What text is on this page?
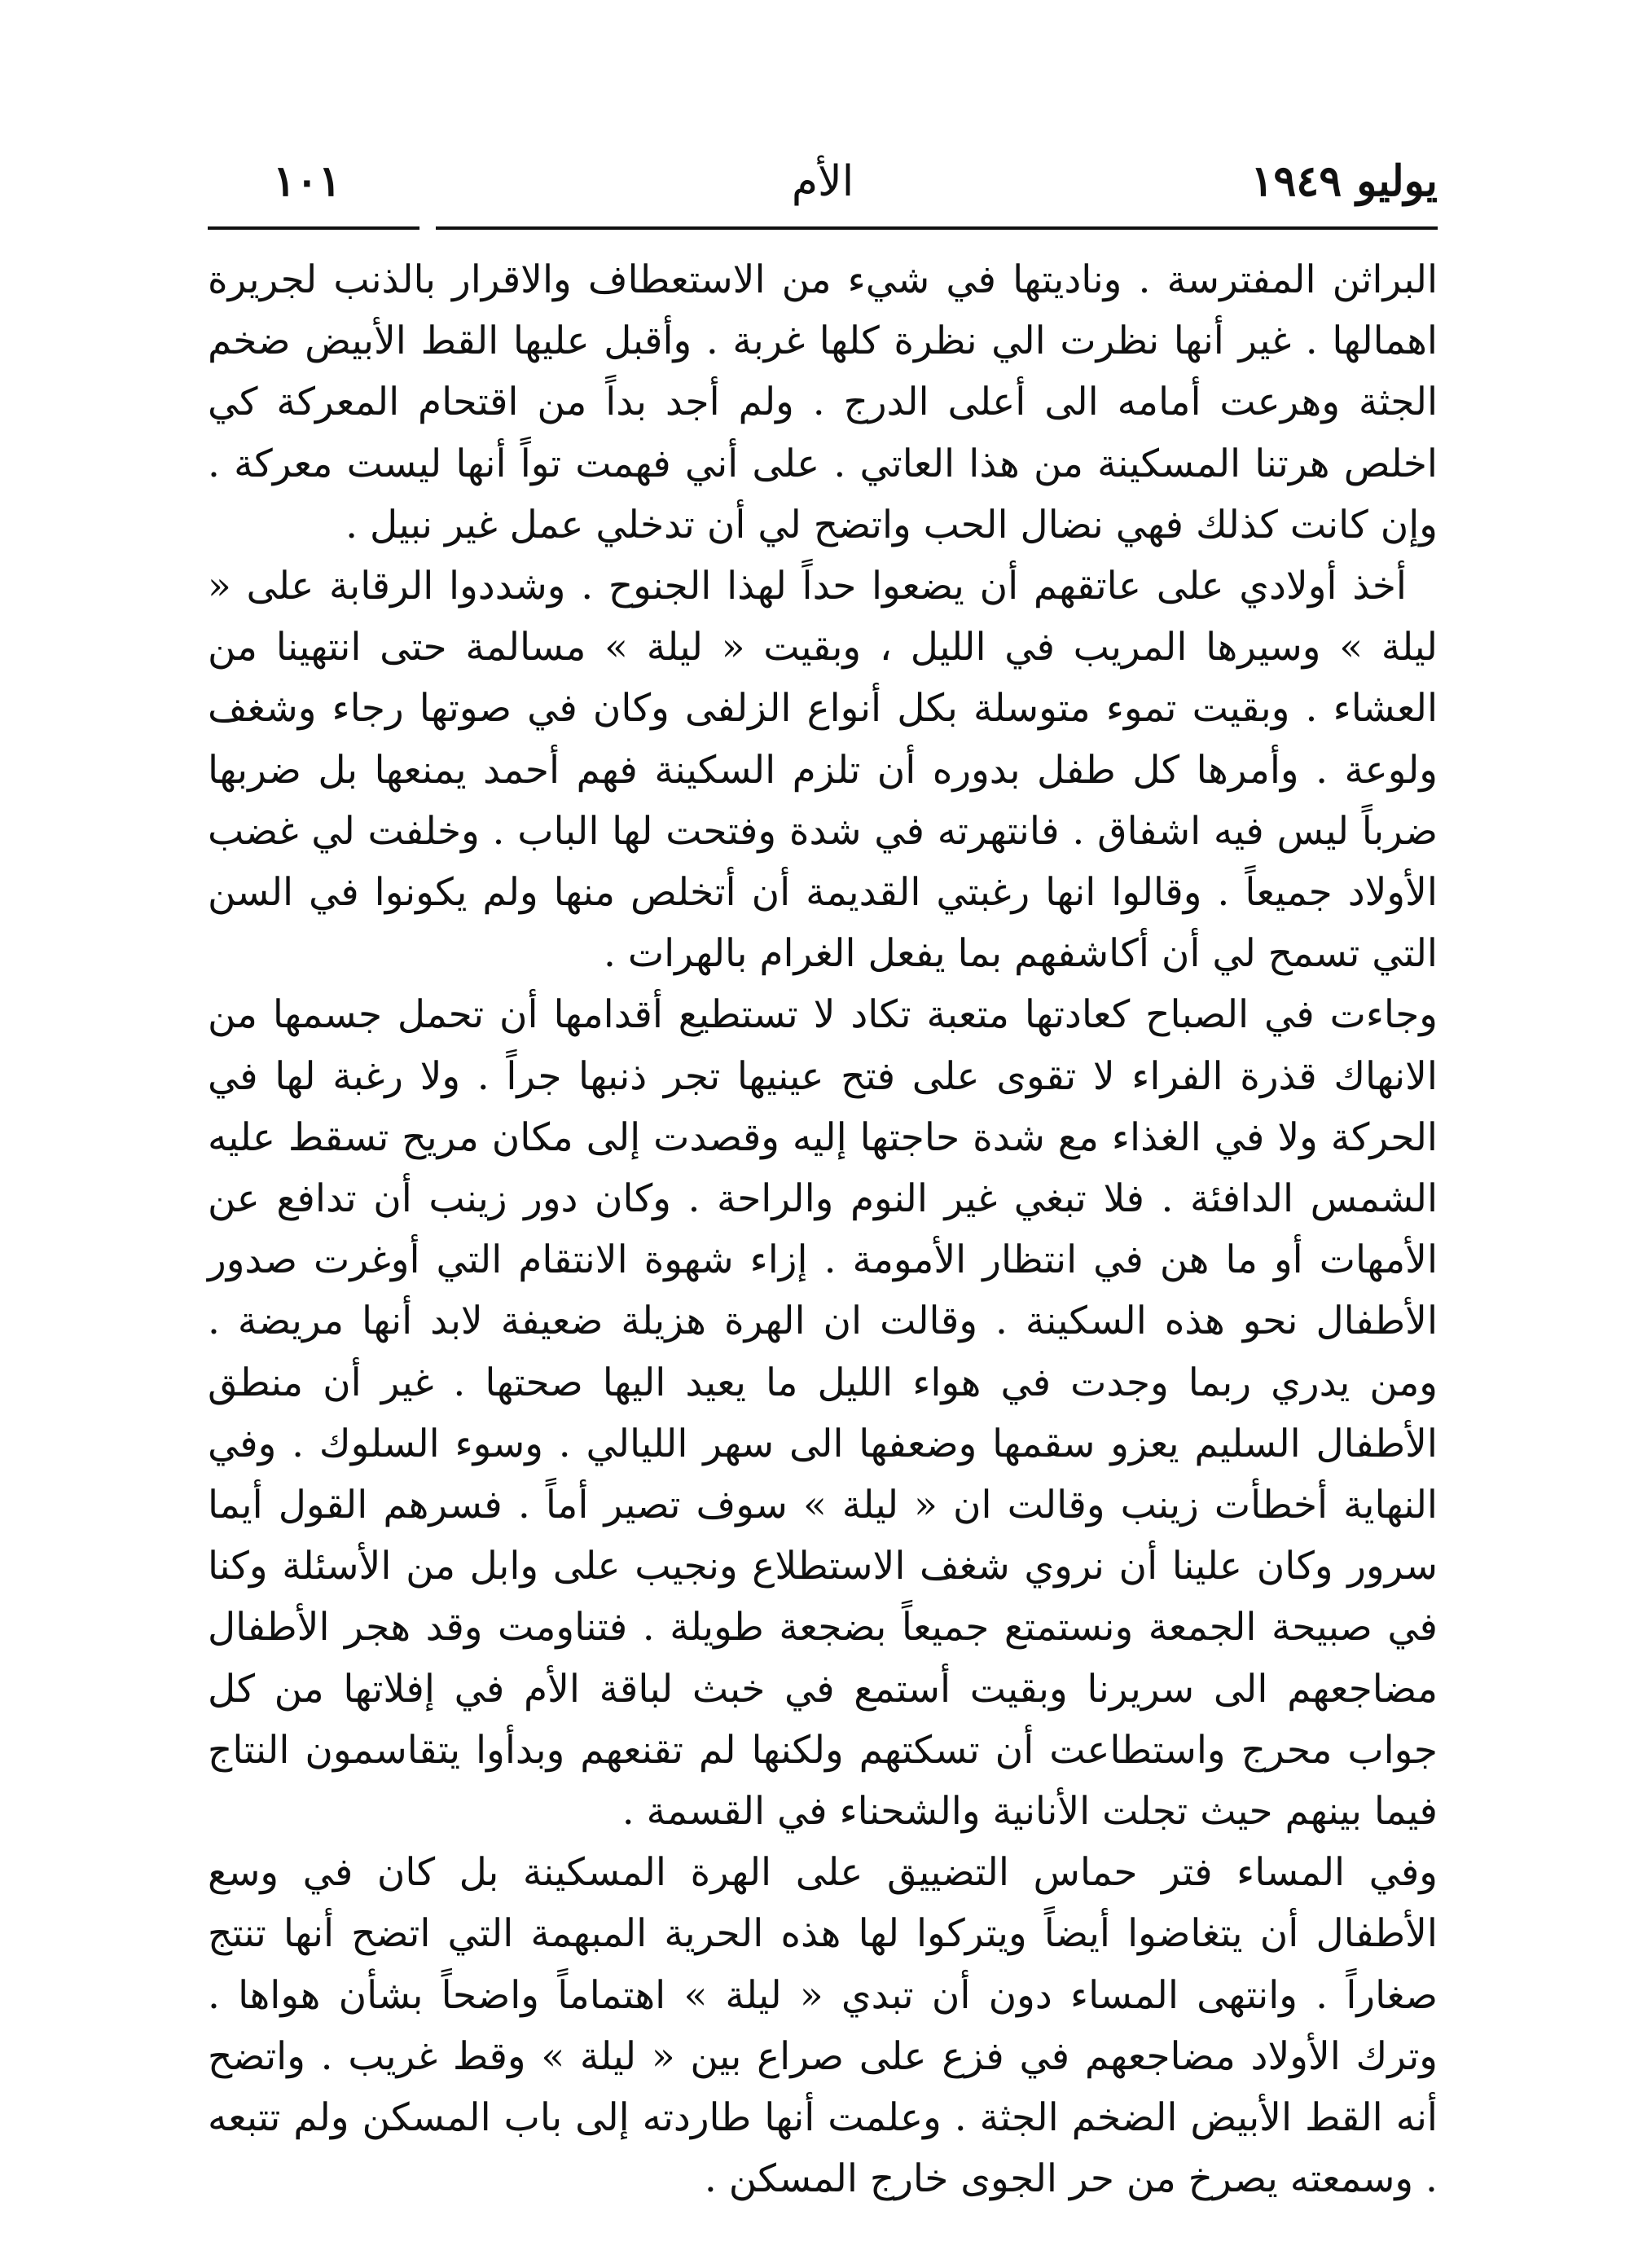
يوليو ١٩٤٩
الأم
١٠١

البراثن المفترسة . وناديتها في شيء من الاستعطاف والاقرار بالذنب لجريرة اهمالها . غير أنها نظرت الي نظرة كلها غربة . وأقبل عليها القط الأبيض ضخم الجثة وهرعت أمامه الى أعلى الدرج . ولم أجد بداً من اقتحام المعركة كي اخلص هرتنا المسكينة من هذا العاتي . على أني فهمت تواً أنها ليست معركة . وإن كانت كذلك فهي نضال الحب واتضح لي أن تدخلي عمل غير نبيل .

أخذ أولادي على عاتقهم أن يضعوا حداً لهذا الجنوح . وشددوا الرقابة على « ليلة » وسيرها المريب في الليل ، وبقيت « ليلة » مسالمة حتى انتهينا من العشاء . وبقيت تموء متوسلة بكل أنواع الزلفى وكان في صوتها رجاء وشغف ولوعة . وأمرها كل طفل بدوره أن تلزم السكينة فهم أحمد يمنعها بل ضربها ضرباً ليس فيه اشفاق . فانتهرته في شدة وفتحت لها الباب . وخلفت لي غضب الأولاد جميعاً . وقالوا انها رغبتي القديمة أن أتخلص منها ولم يكونوا في السن التي تسمح لي أن أكاشفهم بما يفعل الغرام بالهرات .

وجاءت في الصباح كعادتها متعبة تكاد لا تستطيع أقدامها أن تحمل جسمها من الانهاك قذرة الفراء لا تقوى على فتح عينيها تجر ذنبها جراً . ولا رغبة لها في الحركة ولا في الغذاء مع شدة حاجتها إليه وقصدت إلى مكان مريح تسقط عليه الشمس الدافئة . فلا تبغي غير النوم والراحة . وكان دور زينب أن تدافع عن الأمهات أو ما هن في انتظار الأمومة . إزاء شهوة الانتقام التي أوغرت صدور الأطفال نحو هذه السكينة . وقالت ان الهرة هزيلة ضعيفة لابد أنها مريضة . ومن يدري ربما وجدت في هواء الليل ما يعيد اليها صحتها . غير أن منطق الأطفال السليم يعزو سقمها وضعفها الى سهر الليالي . وسوء السلوك . وفي النهاية أخطأت زينب وقالت ان « ليلة » سوف تصير أماً . فسرهم القول أيما سرور وكان علينا أن نروي شغف الاستطلاع ونجيب على وابل من الأسئلة وكنا في صبيحة الجمعة ونستمتع جميعاً بضجعة طويلة . فتناومت وقد هجر الأطفال مضاجعهم الى سريرنا وبقيت أستمع في خبث لباقة الأم في إفلاتها من كل جواب محرج واستطاعت أن تسكتهم ولكنها لم تقنعهم وبدأوا يتقاسمون النتاج فيما بينهم حيث تجلت الأنانية والشحناء في القسمة .

وفي المساء فتر حماس التضييق على الهرة المسكينة بل كان في وسع الأطفال أن يتغاضوا أيضاً ويتركوا لها هذه الحرية المبهمة التي اتضح أنها تنتج صغاراً . وانتهى المساء دون أن تبدي « ليلة » اهتماماً واضحاً بشأن هواها . وترك الأولاد مضاجعهم في فزع على صراع بين « ليلة » وقط غريب . واتضح أنه القط الأبيض الضخم الجثة . وعلمت أنها طاردته إلى باب المسكن ولم تتبعه . وسمعته يصرخ من حر الجوى خارج المسكن .
